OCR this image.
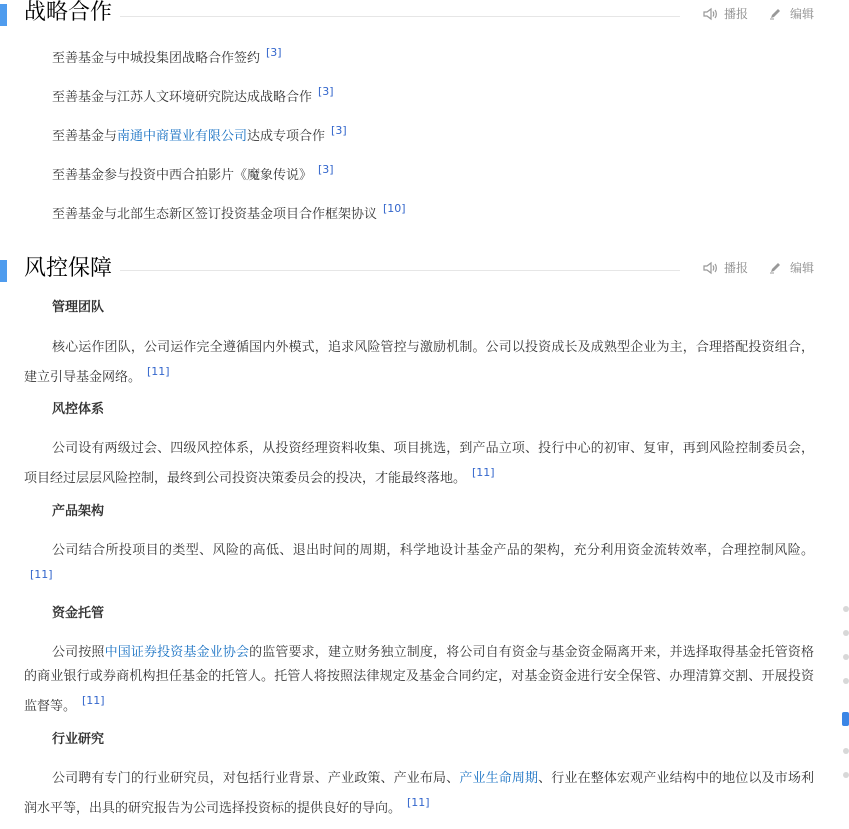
战略合作	播报	编辑
至善基金与中城投集团战略合作签约 [3]
至善基金与江苏人文环境研究院达成战略合作 [3]
至善基金与南通中商置业有限公司达成专项合作 [3]
至善基金参与投资中西合拍影片《魔象传说》 [3]
至善基金与北部生态新区签订投资基金项目合作框架协议 [10]
风控保障	播报	编辑
管理团队
核心运作团队，公司运作完全遵循国内外模式，追求风险管控与激励机制。公司以投资成长及成熟型企业为主，合理搭配投资组合，建立引导基金网络。 [11]
风控体系
公司设有两级过会、四级风控体系，从投资经理资料收集、项目挑选，到产品立项、投行中心的初审、复审，再到风险控制委员会，项目经过层层风险控制，最终到公司投资决策委员会的投决，才能最终落地。 [11]
产品架构
公司结合所投项目的类型、风险的高低、退出时间的周期，科学地设计基金产品的架构，充分利用资金流转效率，合理控制风险。[11]
资金托管
公司按照中国证券投资基金业协会的监管要求，建立财务独立制度，将公司自有资金与基金资金隔离开来，并选择取得基金托管资格的商业银行或券商机构担任基金的托管人。托管人将按照法律规定及基金合同约定，对基金资金进行安全保管、办理清算交割、开展投资监督等。 [11]
行业研究
公司聘有专门的行业研究员，对包括行业背景、产业政策、产业布局、产业生命周期、行业在整体宏观产业结构中的地位以及市场利润水平等，出具的研究报告为公司选择投资标的提供良好的导向。 [11]
